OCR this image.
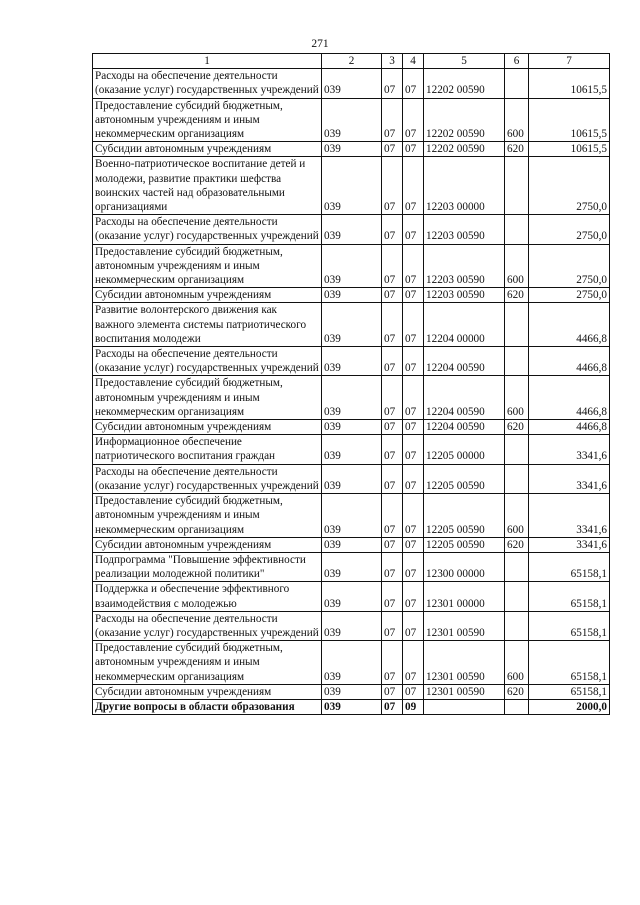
271
1	2	3	4	5	6	7
Расходы на обеспечение деятельности (оказание услуг) государственных учреждений	039	07	07	12202 00590		10615,5
Предоставление субсидий бюджетным, автономным учреждениям и иным некоммерческим организациям	039	07	07	12202 00590	600	10615,5
Субсидии автономным учреждениям	039	07	07	12202 00590	620	10615,5
Военно-патриотическое воспитание детей и молодежи, развитие практики шефства воинских частей над образовательными организациями	039	07	07	12203 00000		2750,0
Расходы на обеспечение деятельности (оказание услуг) государственных учреждений	039	07	07	12203 00590		2750,0
Предоставление субсидий бюджетным, автономным учреждениям и иным некоммерческим организациям	039	07	07	12203 00590	600	2750,0
Субсидии автономным учреждениям	039	07	07	12203 00590	620	2750,0
Развитие волонтерского движения как важного элемента системы патриотического воспитания молодежи	039	07	07	12204 00000		4466,8
Расходы на обеспечение деятельности (оказание услуг) государственных учреждений	039	07	07	12204 00590		4466,8
Предоставление субсидий бюджетным, автономным учреждениям и иным некоммерческим организациям	039	07	07	12204 00590	600	4466,8
Субсидии автономным учреждениям	039	07	07	12204 00590	620	4466,8
Информационное обеспечение патриотического воспитания граждан	039	07	07	12205 00000		3341,6
Расходы на обеспечение деятельности (оказание услуг) государственных учреждений	039	07	07	12205 00590		3341,6
Предоставление субсидий бюджетным, автономным учреждениям и иным некоммерческим организациям	039	07	07	12205 00590	600	3341,6
Субсидии автономным учреждениям	039	07	07	12205 00590	620	3341,6
Подпрограмма "Повышение эффективности реализации молодежной политики"	039	07	07	12300 00000		65158,1
Поддержка и обеспечение эффективного взаимодействия с молодежью	039	07	07	12301 00000		65158,1
Расходы на обеспечение деятельности (оказание услуг) государственных учреждений	039	07	07	12301 00590		65158,1
Предоставление субсидий бюджетным, автономным учреждениям и иным некоммерческим организациям	039	07	07	12301 00590	600	65158,1
Субсидии автономным учреждениям	039	07	07	12301 00590	620	65158,1
Другие вопросы в области образования	039	07	09			2000,0
